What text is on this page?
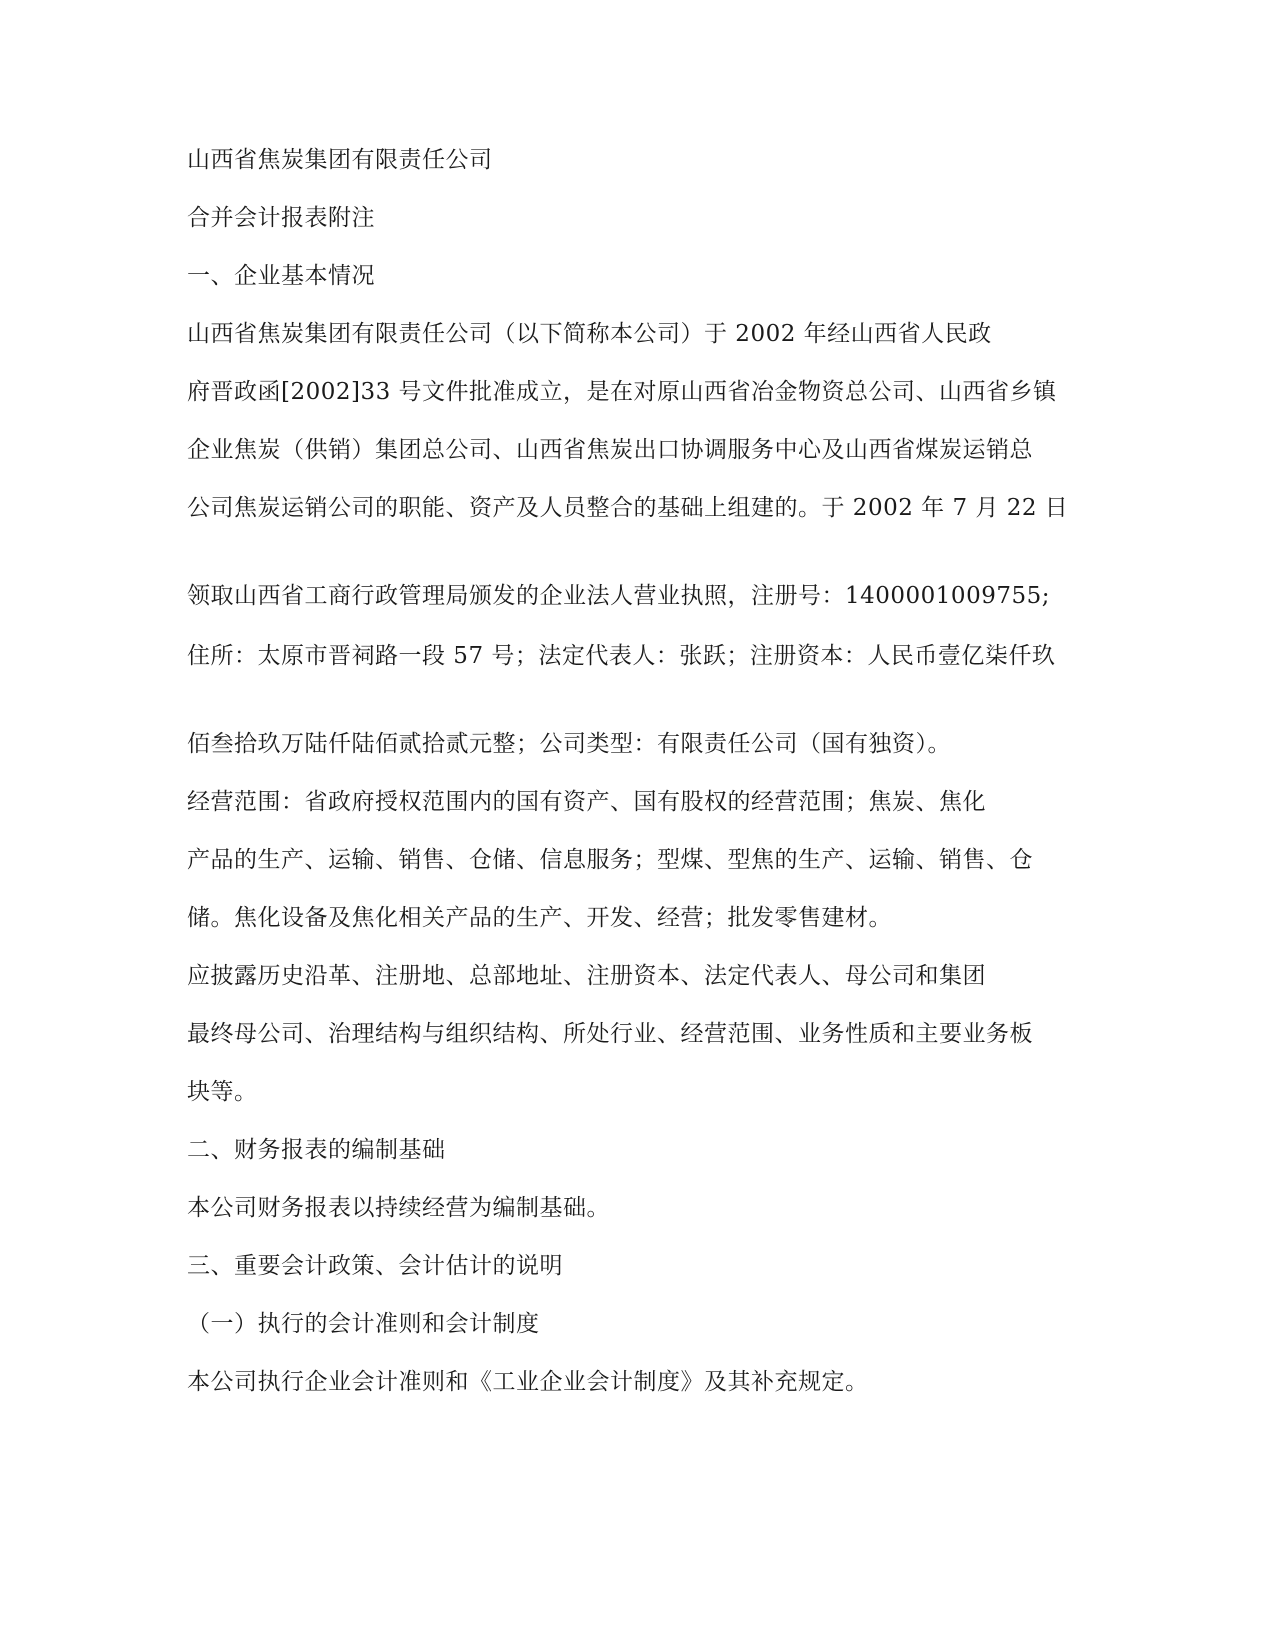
山西省焦炭集团有限责任公司
合并会计报表附注
一、企业基本情况
山西省焦炭集团有限责任公司（以下简称本公司）于 2002 年经山西省人民政
府晋政函[2002]33 号文件批准成立，是在对原山西省冶金物资总公司、山西省乡镇
企业焦炭（供销）集团总公司、山西省焦炭出口协调服务中心及山西省煤炭运销总
公司焦炭运销公司的职能、资产及人员整合的基础上组建的。于 2002 年 7 月 22 日
领取山西省工商行政管理局颁发的企业法人营业执照，注册号：1400001009755;
住所：太原市晋祠路一段 57 号；法定代表人：张跃；注册资本：人民币壹亿柒仟玖
佰叁拾玖万陆仟陆佰贰拾贰元整；公司类型：有限责任公司（国有独资）。
经营范围：省政府授权范围内的国有资产、国有股权的经营范围；焦炭、焦化
产品的生产、运输、销售、仓储、信息服务；型煤、型焦的生产、运输、销售、仓
储。焦化设备及焦化相关产品的生产、开发、经营；批发零售建材。
应披露历史沿革、注册地、总部地址、注册资本、法定代表人、母公司和集团
最终母公司、治理结构与组织结构、所处行业、经营范围、业务性质和主要业务板
块等。
二、财务报表的编制基础
本公司财务报表以持续经营为编制基础。
三、重要会计政策、会计估计的说明
（一）执行的会计准则和会计制度
本公司执行企业会计准则和《工业企业会计制度》及其补充规定。
